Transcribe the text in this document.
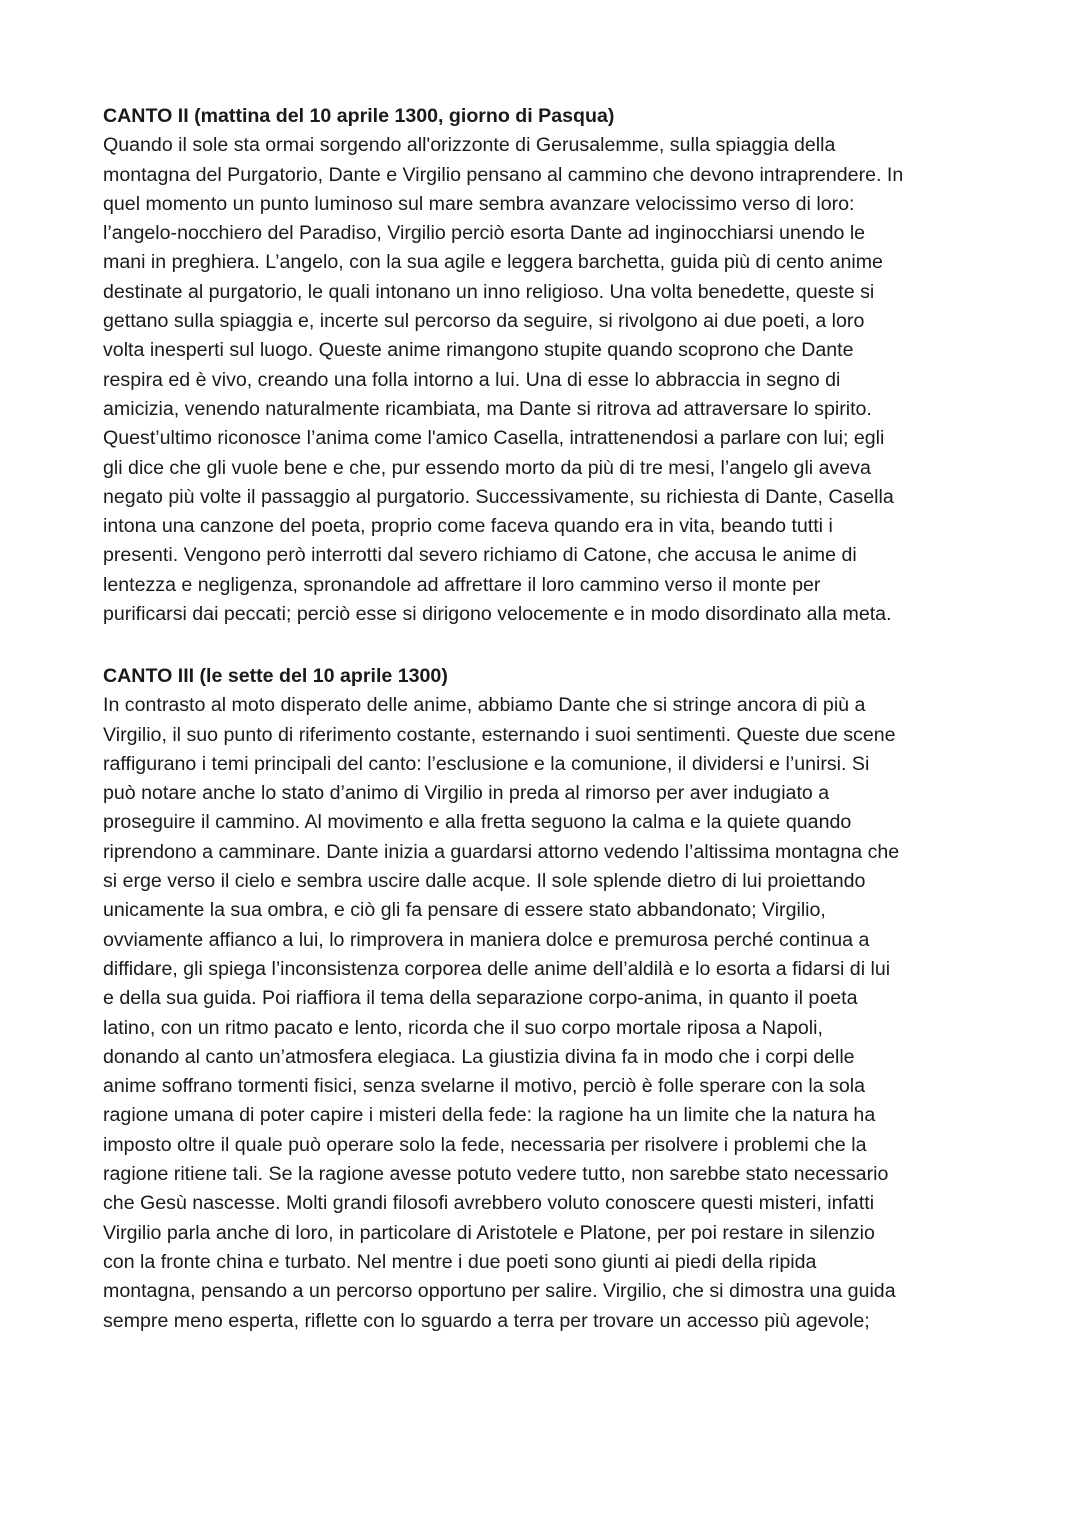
CANTO II (mattina del 10 aprile 1300, giorno di Pasqua)

Quando il sole sta ormai sorgendo all'orizzonte di Gerusalemme, sulla spiaggia della

montagna del Purgatorio, Dante e Virgilio pensano al cammino che devono intraprendere. In

quel momento un punto luminoso sul mare sembra avanzare velocissimo verso di loro:

l’angelo-nocchiero del Paradiso, Virgilio perciò esorta Dante ad inginocchiarsi unendo le

mani in preghiera. L’angelo, con la sua agile e leggera barchetta, guida più di cento anime

destinate al purgatorio, le quali intonano un inno religioso. Una volta benedette, queste si

gettano sulla spiaggia e, incerte sul percorso da seguire, si rivolgono ai due poeti, a loro

volta inesperti sul luogo. Queste anime rimangono stupite quando scoprono che Dante

respira ed è vivo, creando una folla intorno a lui. Una di esse lo abbraccia in segno di

amicizia, venendo naturalmente ricambiata, ma Dante si ritrova ad attraversare lo spirito.

Quest’ultimo riconosce l’anima come l'amico Casella, intrattenendosi a parlare con lui; egli

gli dice che gli vuole bene e che, pur essendo morto da più di tre mesi, l’angelo gli aveva

negato più volte il passaggio al purgatorio. Successivamente, su richiesta di Dante, Casella

intona una canzone del poeta, proprio come faceva quando era in vita, beando tutti i

presenti. Vengono però interrotti dal severo richiamo di Catone, che accusa le anime di

lentezza e negligenza, spronandole ad affrettare il loro cammino verso il monte per

purificarsi dai peccati; perciò esse si dirigono velocemente e in modo disordinato alla meta.

CANTO III (le sette del 10 aprile 1300)

In contrasto al moto disperato delle anime, abbiamo Dante che si stringe ancora di più a

Virgilio, il suo punto di riferimento costante, esternando i suoi sentimenti. Queste due scene

raffigurano i temi principali del canto: l’esclusione e la comunione, il dividersi e l’unirsi. Si

può notare anche lo stato d’animo di Virgilio in preda al rimorso per aver indugiato a

proseguire il cammino. Al movimento e alla fretta seguono la calma e la quiete quando

riprendono a camminare. Dante inizia a guardarsi attorno vedendo l’altissima montagna che

si erge verso il cielo e sembra uscire dalle acque. Il sole splende dietro di lui proiettando

unicamente la sua ombra, e ciò gli fa pensare di essere stato abbandonato; Virgilio,

ovviamente affianco a lui, lo rimprovera in maniera dolce e premurosa perché continua a

diffidare, gli spiega l’inconsistenza corporea delle anime dell’aldilà e lo esorta a fidarsi di lui

e della sua guida. Poi riaffiora il tema della separazione corpo-anima, in quanto il poeta

latino, con un ritmo pacato e lento, ricorda che il suo corpo mortale riposa a Napoli,

donando al canto un’atmosfera elegiaca. La giustizia divina fa in modo che i corpi delle

anime soffrano tormenti fisici, senza svelarne il motivo, perciò è folle sperare con la sola

ragione umana di poter capire i misteri della fede: la ragione ha un limite che la natura ha

imposto oltre il quale può operare solo la fede, necessaria per risolvere i problemi che la

ragione ritiene tali. Se la ragione avesse potuto vedere tutto, non sarebbe stato necessario

che Gesù nascesse. Molti grandi filosofi avrebbero voluto conoscere questi misteri, infatti

Virgilio parla anche di loro, in particolare di Aristotele e Platone, per poi restare in silenzio

con la fronte china e turbato. Nel mentre i due poeti sono giunti ai piedi della ripida

montagna, pensando a un percorso opportuno per salire. Virgilio, che si dimostra una guida

sempre meno esperta, riflette con lo sguardo a terra per trovare un accesso più agevole;
